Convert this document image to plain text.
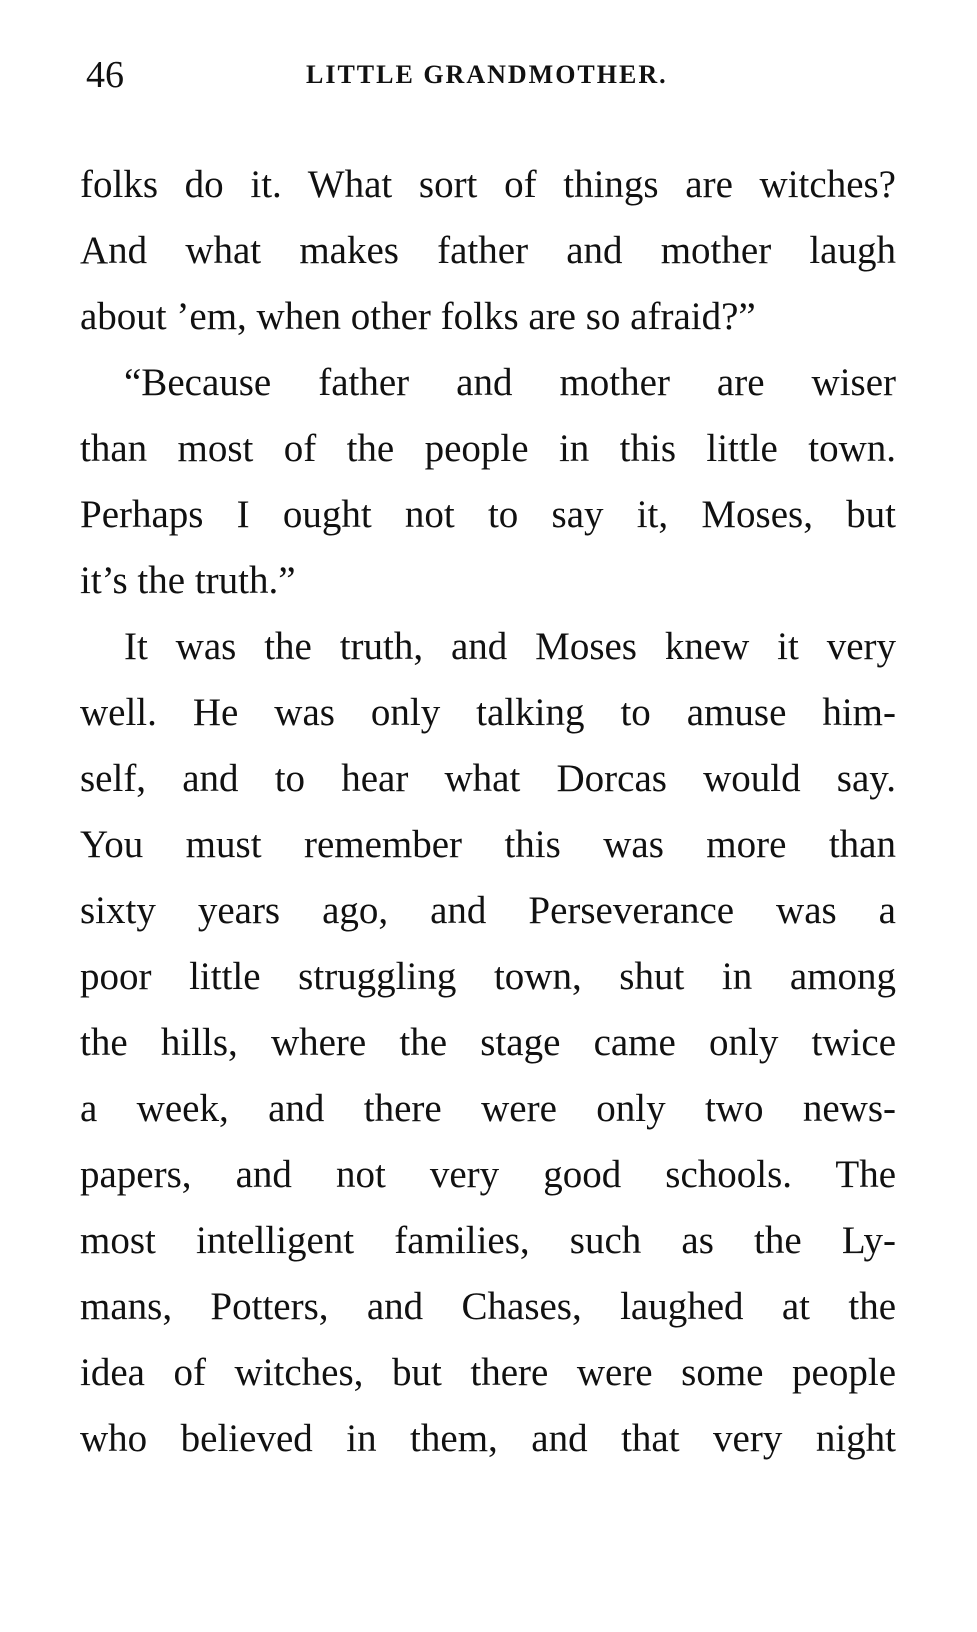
46	LITTLE GRANDMOTHER.
folks do it. What sort of things are witches?
And what makes father and mother laugh
about ’em, when other folks are so afraid?”
“Because father and mother are wiser
than most of the people in this little town.
Perhaps I ought not to say it, Moses, but
it’s the truth.”
It was the truth, and Moses knew it very
well. He was only talking to amuse him-
self, and to hear what Dorcas would say.
You must remember this was more than
sixty years ago, and Perseverance was a
poor little struggling town, shut in among
the hills, where the stage came only twice
a week, and there were only two news-
papers, and not very good schools. The
most intelligent families, such as the Ly-
mans, Potters, and Chases, laughed at the
idea of witches, but there were some people
who believed in them, and that very night
